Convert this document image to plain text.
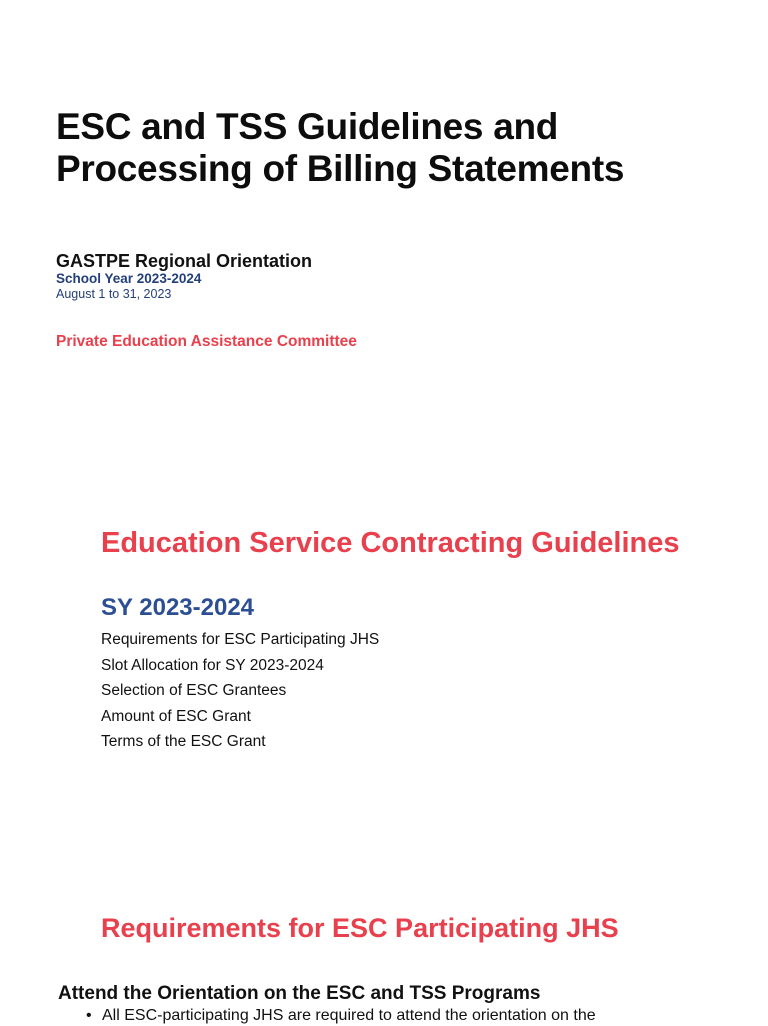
ESC and TSS Guidelines and Processing of Billing Statements
GASTPE Regional Orientation
School Year 2023-2024
August 1 to 31, 2023
Private Education Assistance Committee
Education Service Contracting Guidelines
SY 2023-2024
Requirements for ESC Participating JHS
Slot Allocation for SY 2023-2024
Selection of ESC Grantees
Amount of ESC Grant
Terms of the ESC Grant
Requirements for ESC Participating JHS
Attend the Orientation on the ESC and TSS Programs
• All ESC-participating JHS are required to attend the orientation on the
